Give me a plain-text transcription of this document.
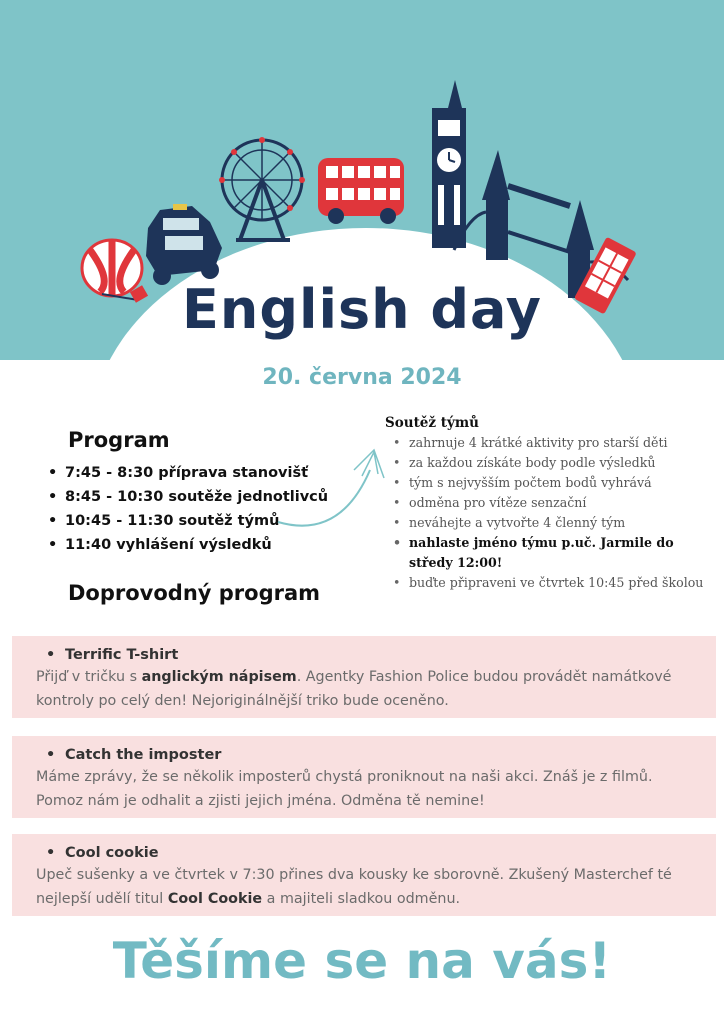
English day
20. června 2024
Program
• 7:45 - 8:30 příprava stanovišť
• 8:45 - 10:30 soutěže jednotlivců
• 10:45 - 11:30 soutěž týmů
• 11:40 vyhlášení výsledků
Soutěž týmů
• zahrnuje 4 krátké aktivity pro starší děti
• za každou získáte body podle výsledků
• tým s nejvyšším počtem bodů vyhrává
• odměna pro vítěze senzační
• neváhejte a vytvořte 4 členný tým
• nahlaste jméno týmu p.uč. Jarmile do středy 12:00!
• buďte připraveni ve čtvrtek 10:45 před školou
Doprovodný program
• Terrific T-shirt
Přijď v tričku s anglickým nápisem. Agentky Fashion Police budou provádět namátkové kontroly po celý den! Nejoriginálnější triko bude oceněno.
• Catch the imposter
Máme zprávy, že se několik imposterů chystá proniknout na naši akci. Znáš je z filmů. Pomoz nám je odhalit a zjisti jejich jména. Odměna tě nemine!
• Cool cookie
Upeč sušenky a ve čtvrtek v 7:30 přines dva kousky ke sborovně. Zkušený Masterchef té nejlepší udělí titul Cool Cookie a majiteli sladkou odměnu.
Těšíme se na vás!
